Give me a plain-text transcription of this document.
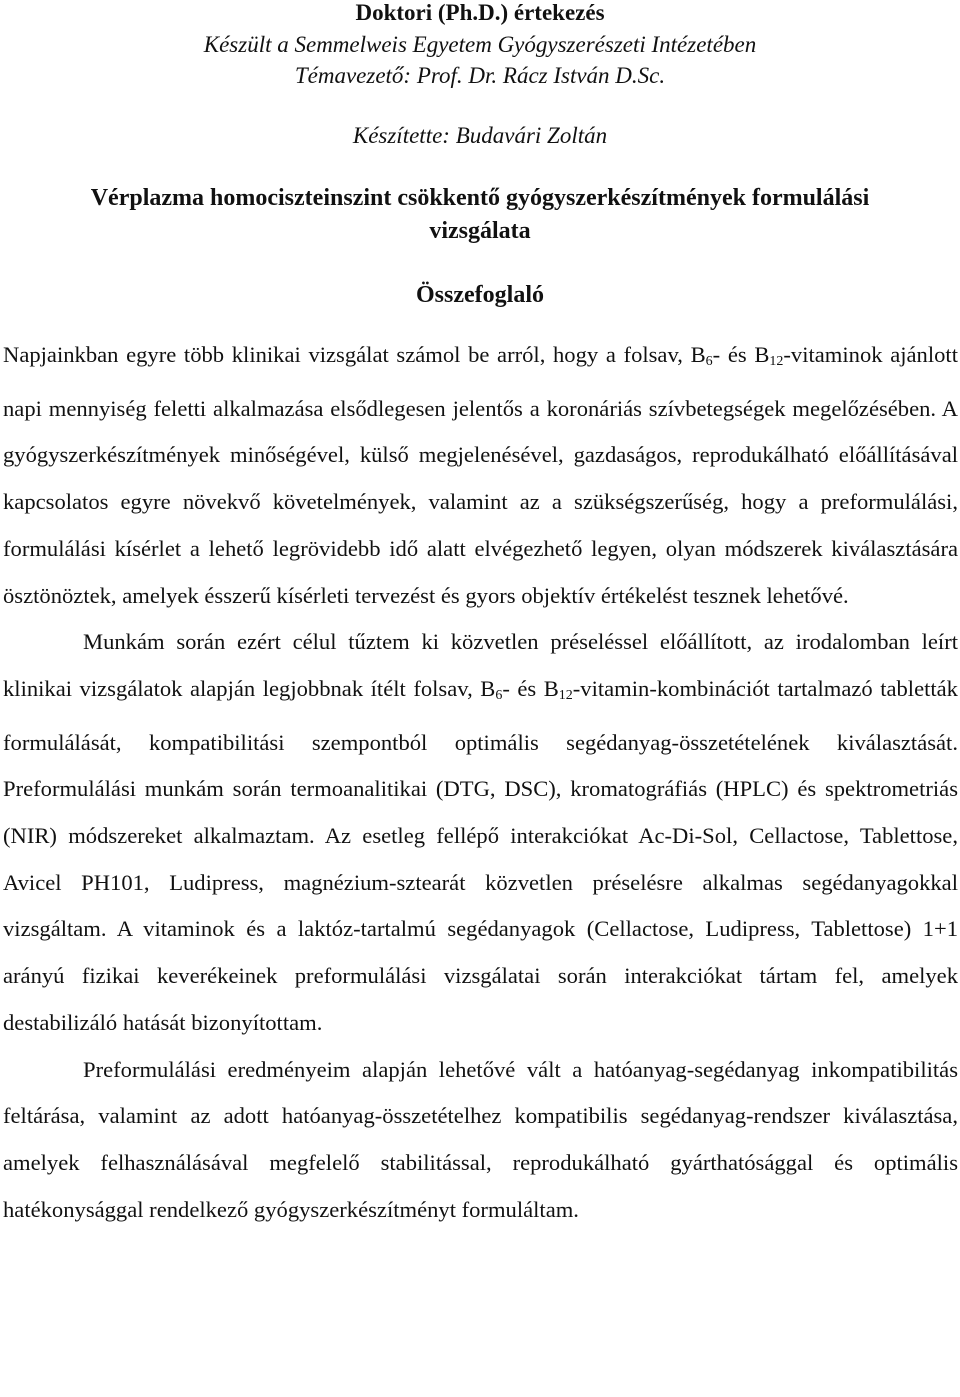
Doktori (Ph.D.) értekezés
Készült a Semmelweis Egyetem Gyógyszerészeti Intézetében
Témavezető: Prof. Dr. Rácz István D.Sc.
Készítette: Budavári Zoltán
Vérplazma homociszteinszint csökkentő gyógyszerkészítmények formulálási
vizsgálata
Összefoglaló

Napjainkban egyre több klinikai vizsgálat számol be arról, hogy a folsav, $B_6-$ és $B_{12}$-vitaminok ajánlott napi mennyiség feletti alkalmazása elsődlegesen jelentős a koronáriás szívbetegségek megelőzésében. A gyógyszerkészítmények minőségével, külső megjelenésével, gazdaságos, reprodukálható előállításával kapcsolatos egyre növekvő követelmények, valamint az a szükségszerűség, hogy a preformulálási, formulálási kísérlet a lehető legrövidebb idő alatt elvégezhető legyen, olyan módszerek kiválasztására ösztönöztek, amelyek ésszerű kísérleti tervezést és gyors objektív értékelést tesznek lehetővé.

Munkám során ezért célul tűztem ki közvetlen préseléssel előállított, az irodalomban leírt klinikai vizsgálatok alapján legjobbnak ítélt folsav, $B_6-$ és $B_{12}-vitamin$-kombinációt tartalmazó tabletták formulálását, kompatibilitási szempontból optimális segédanyag-összetételének kiválasztását. Preformulálási munkám során termoanalitikai (DTG, DSC), kromatográfiás (HPLC) és spektrometriás (NIR) módszereket alkalmaztam. Az esetleg fellépő interakciókat Ac-Di-Sol, Cellactose, Tablettose, Avicel PH101, Ludipress, magnézium-sztearát közvetlen préselésre alkalmas segédanyagokkal vizsgáltam. A vitaminok és a laktóz-tartalmú segédanyagok (Cellactose, Ludipress, Tablettose) 1+1 arányú fizikai keverékeinek preformulálási vizsgálatai során interakciókat tártam fel, amelyek destabilizáló hatását bizonyítottam.

Preformulálási eredményeim alapján lehetővé vált a hatóanyag-segédanyag inkompatibilitás feltárása, valamint az adott hatóanyag-összetételhez kompatibilis segédanyag-rendszer kiválasztása, amelyek felhasználásával megfelelő stabilitással, reprodukálható gyárthatósággal és optimális hatékonysággal rendelkező gyógyszerkészítményt formuláltam.
